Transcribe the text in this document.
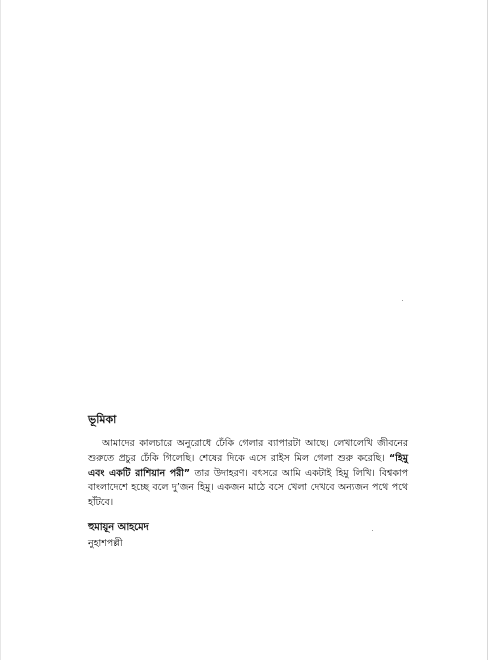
ভূমিকা

আমাদের কালচারে অনুরোধে ঢেঁকি গেলার ব্যাপারটা আছে। লেখালেখি জীবনের শুরুতে প্রচুর ঢেঁকি গিলেছি। শেষের দিকে এসে রাইস মিল গেলা শুরু করেছি। “হিমু এবং একটি রাশিয়ান পরী” তার উদাহরণ। বৎসরে আমি একটাই হিমু লিখি। বিশ্বকাপ বাংলাদেশে হচ্ছে বলে দু’জন হিমু। একজন মাঠে বসে খেলা দেখবে অন্যজন পথে পথে হাঁটবে।

হুমায়ূন আহমেদ
নুহাশপল্লী
